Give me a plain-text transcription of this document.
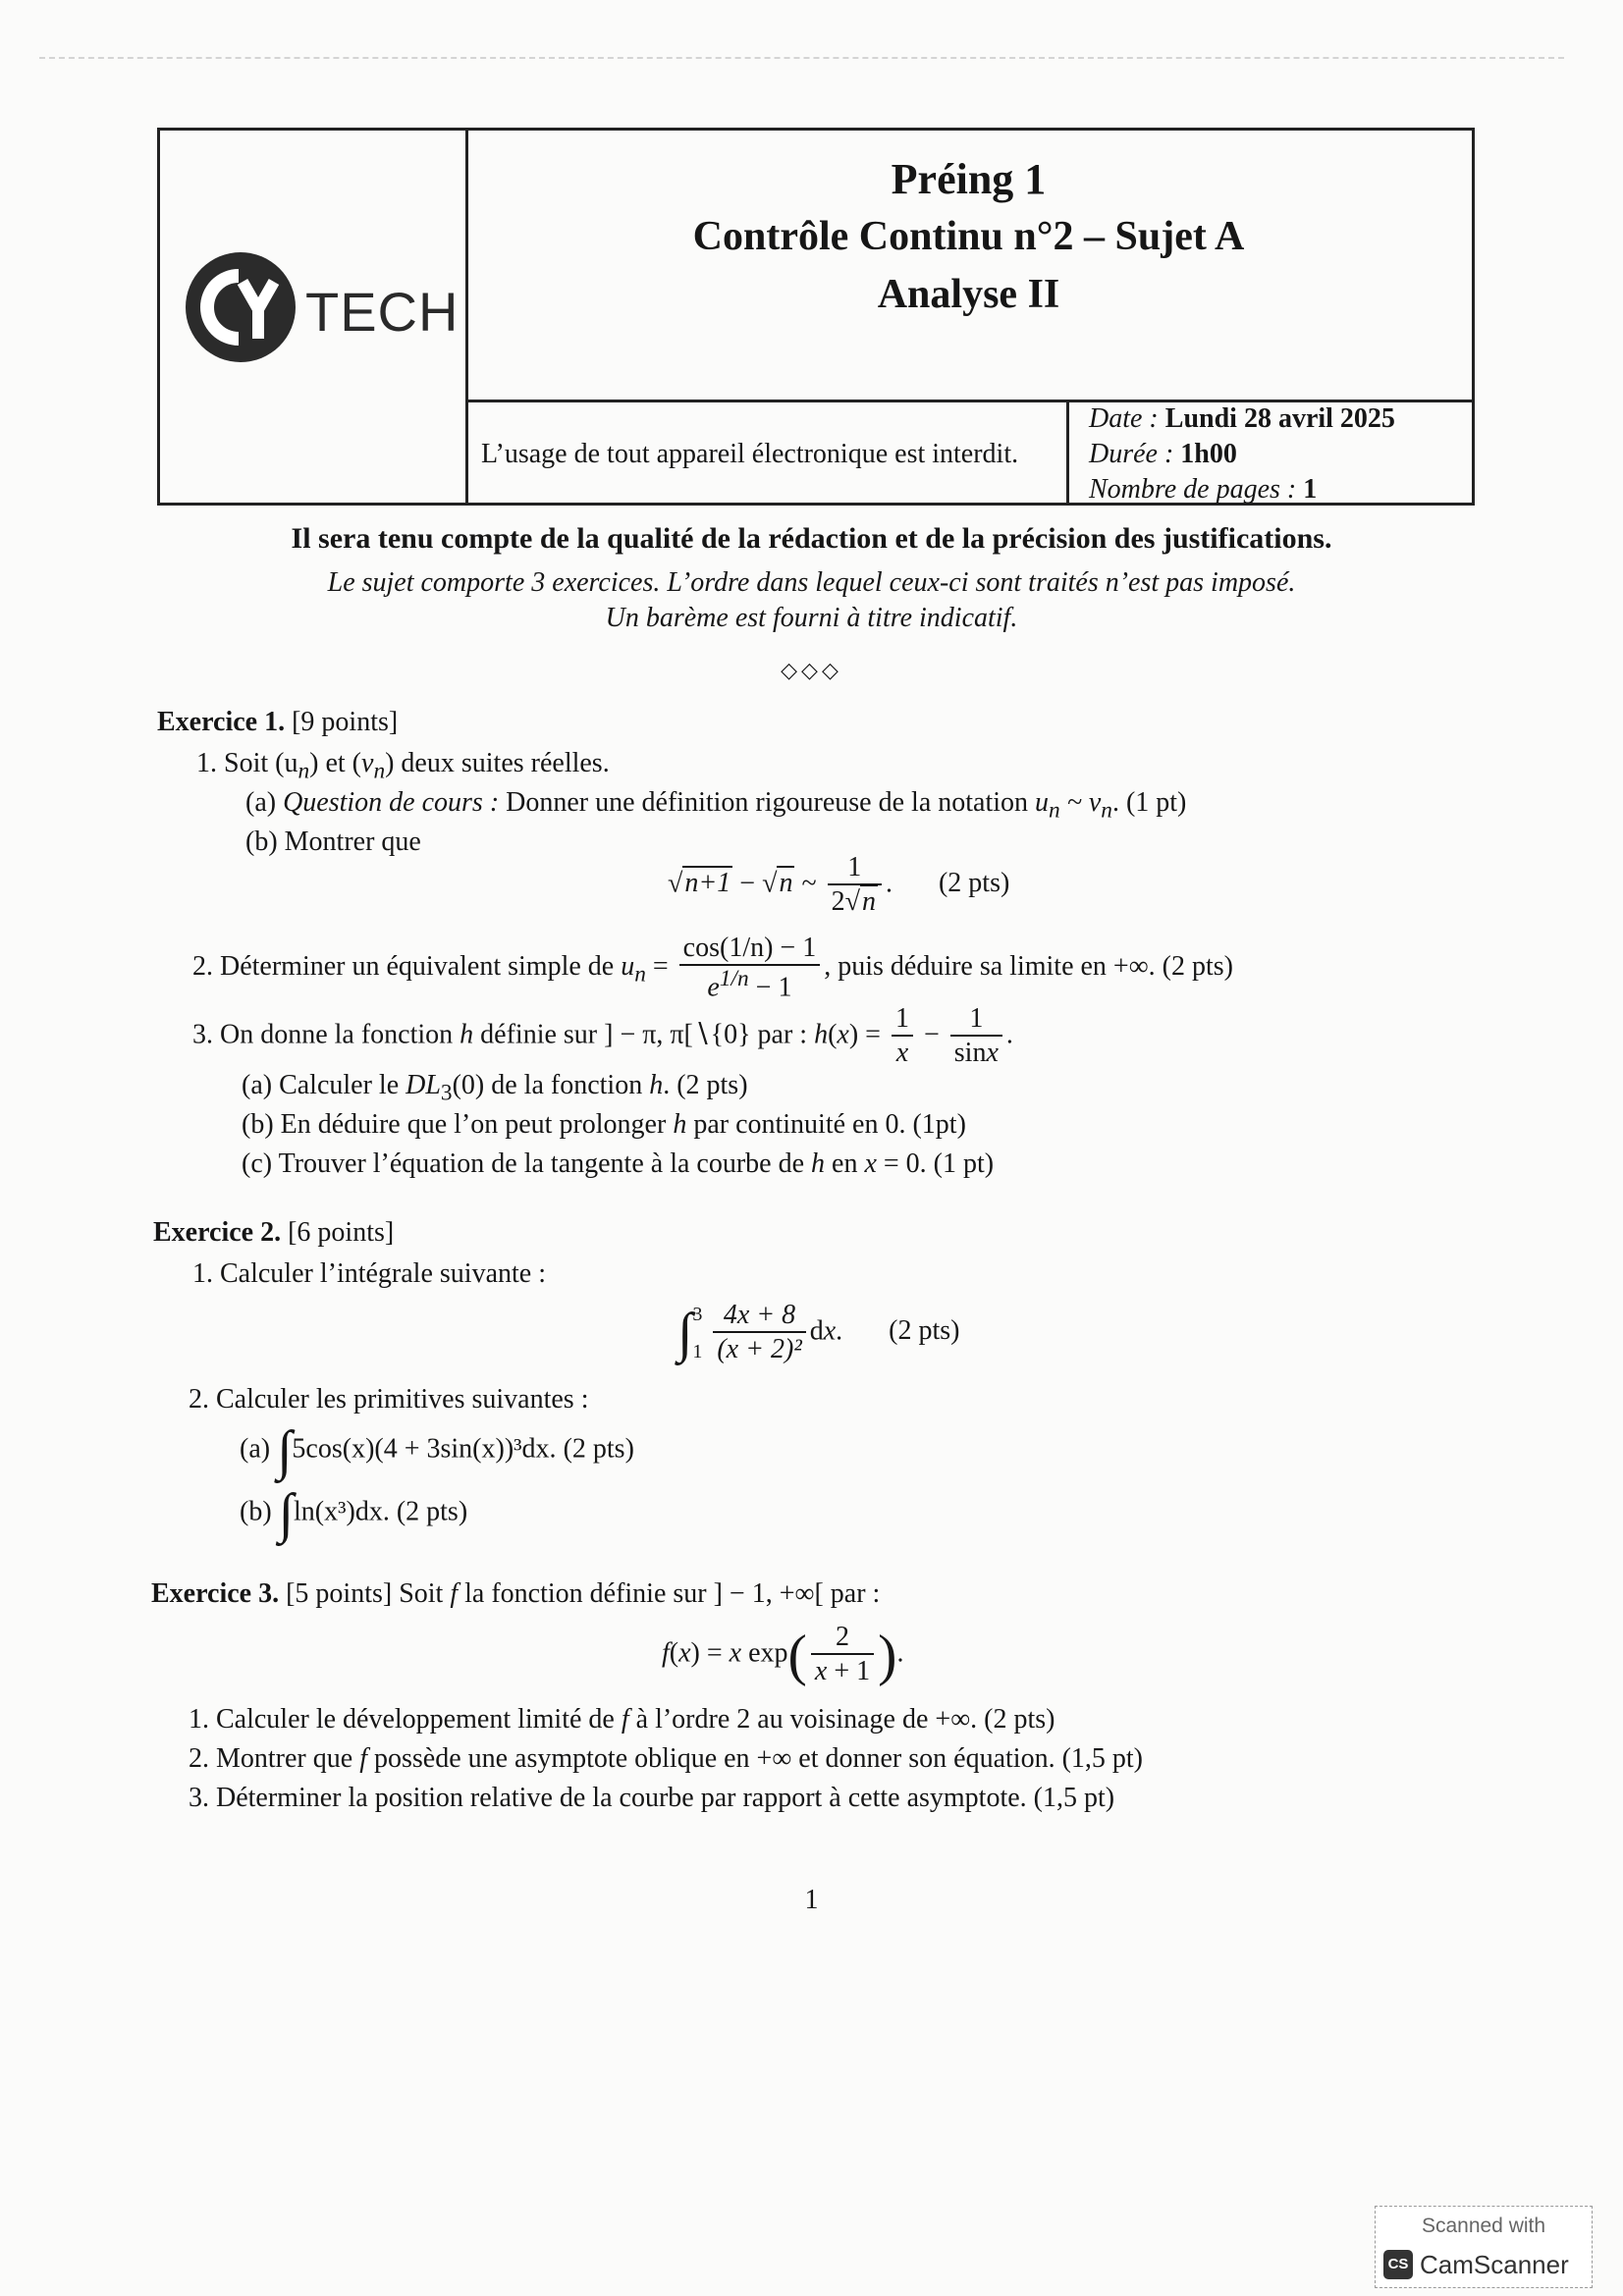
TECH
Préing 1
Contrôle Continu n°2 – Sujet A
Analyse II
L’usage de tout appareil électronique est interdit.
Date : Lundi 28 avril 2025
Durée : 1h00
Nombre de pages : 1
Il sera tenu compte de la qualité de la rédaction et de la précision des justifications.
Le sujet comporte 3 exercices. L’ordre dans lequel ceux-ci sont traités n’est pas imposé.
Un barème est fourni à titre indicatif.
◇◇◇
Exercice 1. [9 points]
1. Soit $(u_n)$ et $(v_n)$ deux suites réelles.
(a) Question de cours : Donner une définition rigoureuse de la notation $u_n$ ~ $v_n$. (1 pt)
(b) Montrer que
√n+1 − √n ~ $\frac{1}{2√n}$ . (2 pts)
2. Déterminer un équivalent simple de $u_n = \frac{\cos(1/n) - 1}{e^{1/n} - 1}$ , puis déduire sa limite en +∞. (2 pts)
3. On donne la fonction h définie sur ] − π, π[∖{0} par : $h(x) = \frac{1}{x} - \frac{1}{\sin x}$ .
(a) Calculer le $DL_3(0)$ de la fonction h. (2 pts)
(b) En déduire que l’on peut prolonger h par continuité en 0. (1pt)
(c) Trouver l’équation de la tangente à la courbe de h en x = 0. (1 pt)
Exercice 2. [6 points]
1. Calculer l’intégrale suivante :
∫ 3
1
$\frac{4x + 8}{\text{(x + 2)²}}$ dx. (2 pts)
2. Calculer les primitives suivantes :
(a) ∫5cos(x)(4 + 3sin(x))³dx. (2 pts)
(b) ∫ln(x³)dx. (2 pts)
Exercice 3. [5 points] Soit f la fonction définie sur ] − 1, +∞[ par :
f(x) = x $\exp( \frac{2}{x + 1}$ ).
1. Calculer le développement limité de f à l’ordre 2 au voisinage de +∞. (2 pts)
2. Montrer que f possède une asymptote oblique en +∞ et donner son équation. (1,5 pt)
3. Déterminer la position relative de la courbe par rapport à cette asymptote. (1,5 pt)
1
Scanned with
CS CamScanner
